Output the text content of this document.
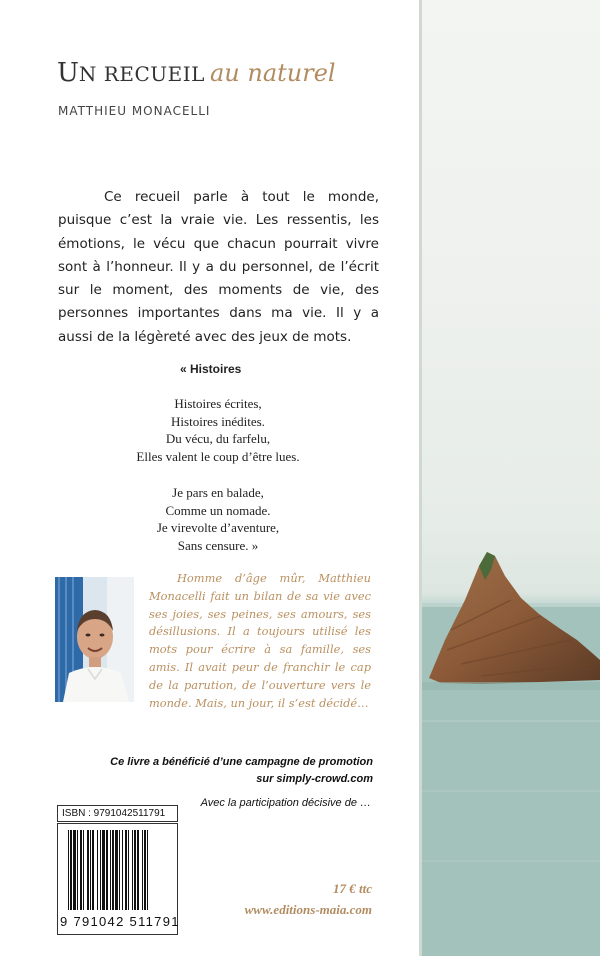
UN RECUEIL au naturel
MATTHIEU MONACELLI

Ce recueil parle à tout le monde, puisque c’est la vraie vie. Les ressentis, les émotions, le vécu que chacun pourrait vivre sont à l’honneur. Il y a du personnel, de l’écrit sur le moment, des moments de vie, des personnes importantes dans ma vie. Il y a aussi de la légèreté avec des jeux de mots.

« Histoires
Histoires écrites,
Histoires inédites.
Du vécu, du farfelu,
Elles valent le coup d’être lues.
Je pars en balade,
Comme un nomade.
Je virevolte d’aventure,
Sans censure. »

Homme d’âge mûr, Matthieu Monacelli fait un bilan de sa vie avec ses joies, ses peines, ses amours, ses désillusions. Il a toujours utilisé les mots pour écrire à sa famille, ses amis. Il avait peur de franchir le cap de la parution, de l’ouverture vers le monde. Mais, un jour, il s’est décidé…

Ce livre a bénéficié d’une campagne de promotion
sur simply-crowd.com
Avec la participation décisive de …
ISBN : 9791042511791
9 791042 511791
17 € ttc
www.editions-maia.com
